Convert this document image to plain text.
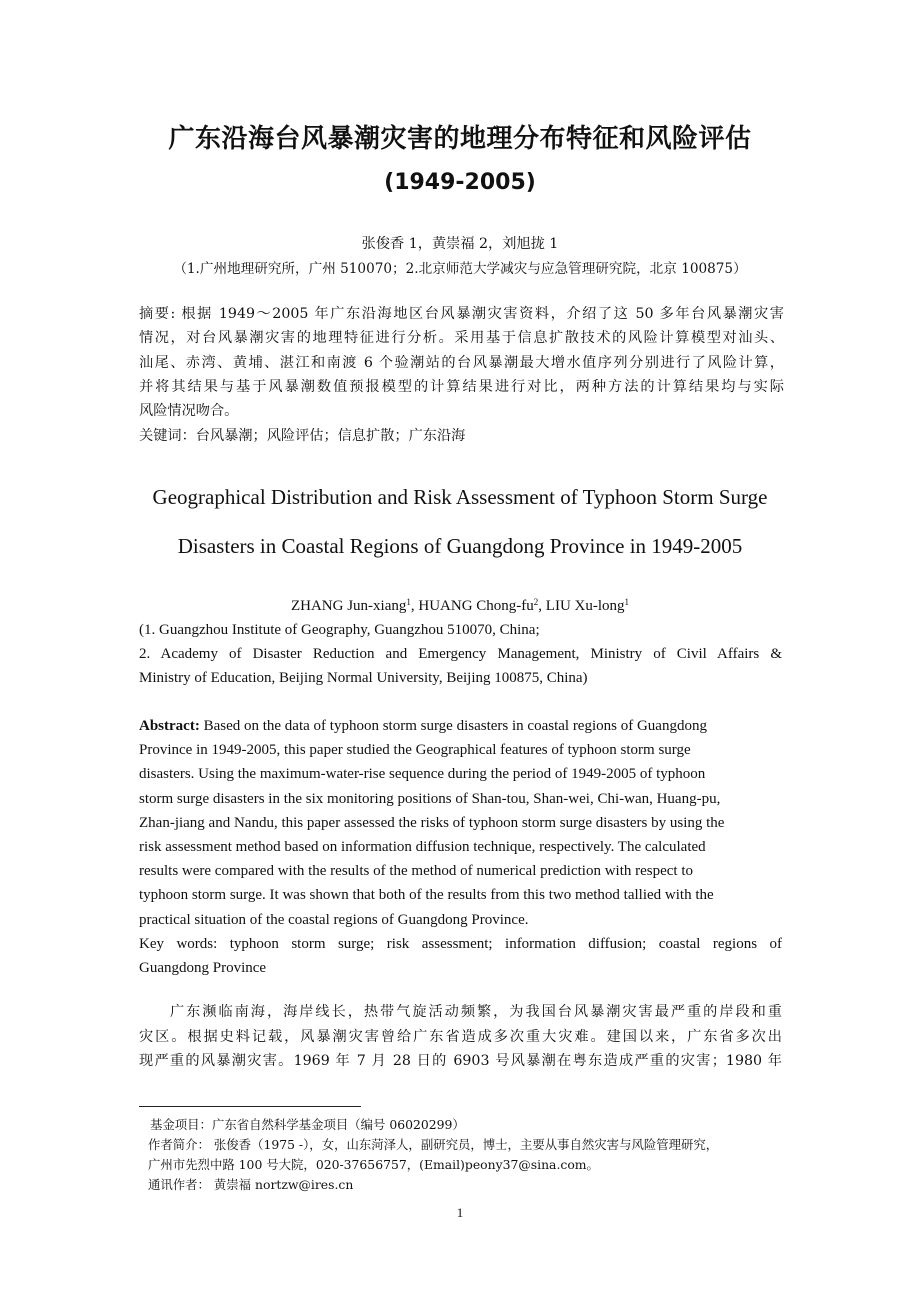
广东沿海台风暴潮灾害的地理分布特征和风险评估
(1949-2005)
张俊香 1，黄崇福 2，刘旭拢 1
（1.广州地理研究所，广州 510070；2.北京师范大学减灾与应急管理研究院，北京 100875）
摘要: 根据 1949～2005 年广东沿海地区台风暴潮灾害资料，介绍了这 50 多年台风暴潮灾害
情况，对台风暴潮灾害的地理特征进行分析。采用基于信息扩散技术的风险计算模型对汕头、
汕尾、赤湾、黄埔、湛江和南渡 6 个验潮站的台风暴潮最大增水值序列分别进行了风险计算，
并将其结果与基于风暴潮数值预报模型的计算结果进行对比，两种方法的计算结果均与实际
风险情况吻合。
关键词：台风暴潮；风险评估；信息扩散；广东沿海
Geographical Distribution and Risk Assessment of Typhoon Storm Surge
Disasters in Coastal Regions of Guangdong Province in 1949-2005
ZHANG Jun-xiang$^1$, HUANG Chong-$fu^2$, LIU Xu-long$^1$
(1. Guangzhou Institute of Geography, Guangzhou 510070, China;
2. Academy of Disaster Reduction and Emergency Management, Ministry of Civil Affairs &
Ministry of Education, Beijing Normal University, Beijing 100875, China)
Abstract: Based on the data of typhoon storm surge disasters in coastal regions of Guangdong
Province in 1949-2005, this paper studied the Geographical features of typhoon storm surge
disasters. Using the maximum-water-rise sequence during the period of 1949-2005 of typhoon
storm surge disasters in the six monitoring positions of Shan-tou, Shan-wei, Chi-wan, Huang-pu,
Zhan-jiang and Nandu, this paper assessed the risks of typhoon storm surge disasters by using the
risk assessment method based on information diffusion technique, respectively. The calculated
results were compared with the results of the method of numerical prediction with respect to
typhoon storm surge. It was shown that both of the results from this two method tallied with the
practical situation of the coastal regions of Guangdong Province.
Key words: typhoon storm surge; risk assessment; information diffusion; coastal regions of
Guangdong Province
广东濒临南海，海岸线长，热带气旋活动频繁，为我国台风暴潮灾害最严重的岸段和重
灾区。根据史料记载，风暴潮灾害曾给广东省造成多次重大灾难。建国以来，广东省多次出
现严重的风暴潮灾害。1969 年 7 月 28 日的 6903 号风暴潮在粤东造成严重的灾害；1980 年
基金项目：广东省自然科学基金项目（编号 06020299）
作者简介： 张俊香（1975 -），女，山东菏泽人，副研究员，博士，主要从事自然灾害与风险管理研究，
广州市先烈中路 100 号大院，020-37656757，(Email)peony37@sina.com。
通讯作者： 黄崇福 nortzw@ires.cn
1
